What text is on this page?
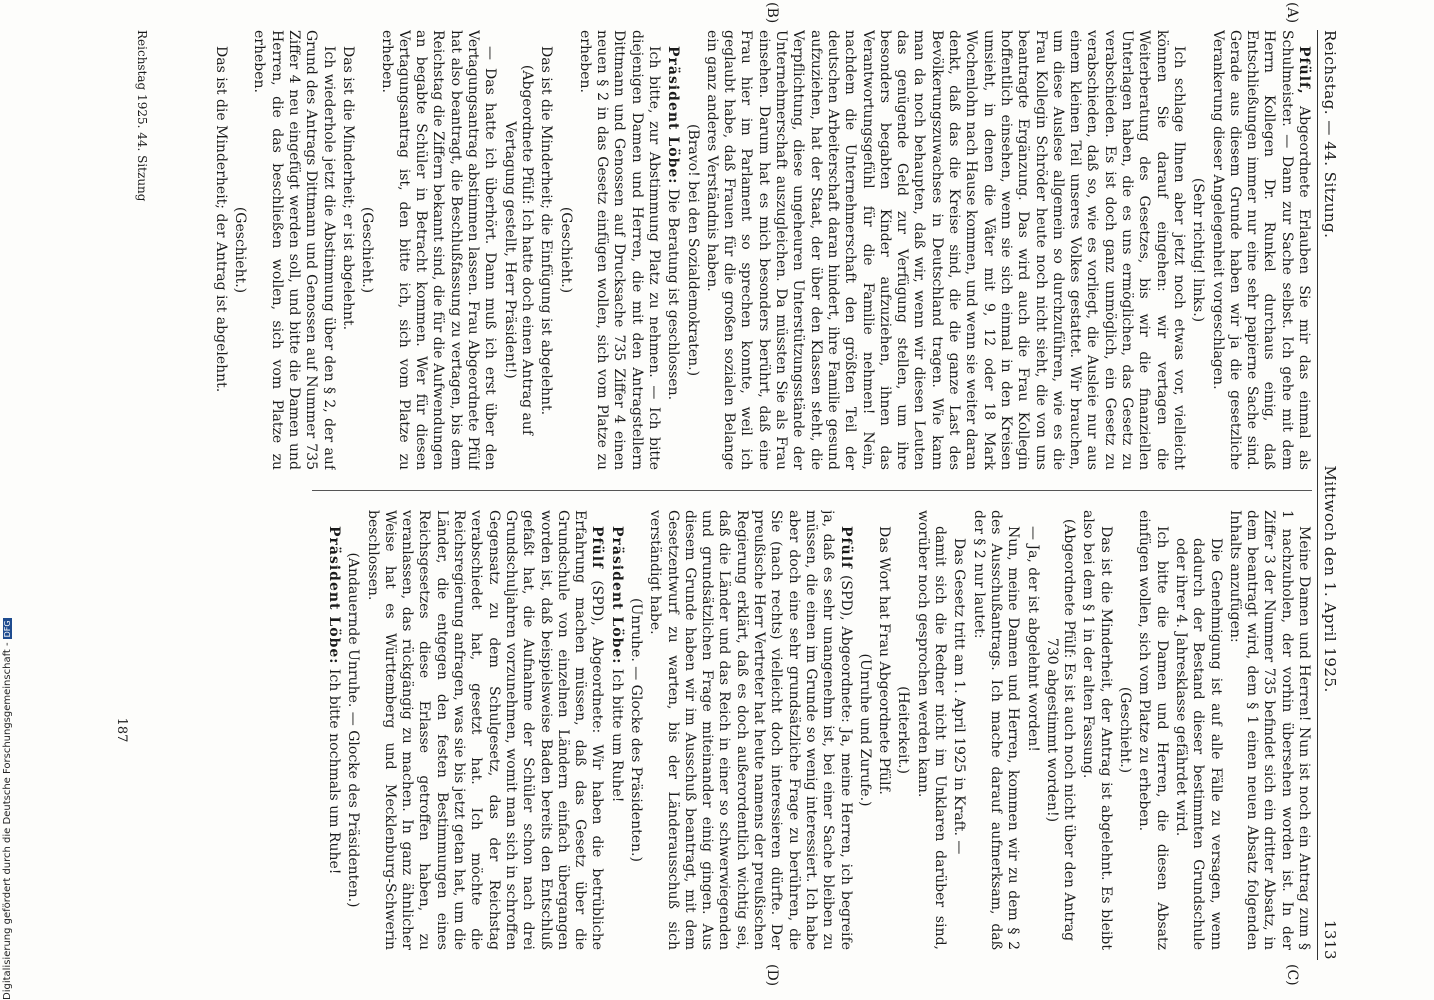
Reichstag. — 44. Sitzung.
Mittwoch den 1. April 1925.
1313
(A)
(B)
(C)
(D)

Pfülf, Abgeordnete Erlauben Sie mir das einmal als Schulmeister. — Dann zur Sache selbst. Ich gehe mit dem Herrn Kollegen Dr. Runkel durchaus einig, daß Entschließungen immer nur eine sehr papierne Sache sind. Gerade aus diesem Grunde haben wir ja die gesetzliche Verankerung dieser Angelegenheit vorgeschlagen.

(Sehr richtig! links.)

Ich schlage Ihnen aber jetzt noch etwas vor, vielleicht können Sie darauf eingehen: wir vertagen die Weiterberatung des Gesetzes, bis wir die finanziellen Unterlagen haben, die es uns ermöglichen, das Gesetz zu verabschieden. Es ist doch ganz unmöglich, ein Gesetz zu verabschieden, daß so, wie es vorliegt, die Ausleie nur aus einem kleinen Teil unseres Volkes gestattet. Wir brauchen, um diese Auslese allgemein so durchzuführen, wie es die Frau Kollegin Schröder heute noch nicht sieht, die von uns beantragte Ergänzung. Das wird auch die Frau Kollegin hoffentlich einsehen, wenn sie sich einmal in den Kreisen umsieht, in denen die Väter mit 9, 12 oder 18 Mark Wochenlohn nach Hause kommen, und wenn sie weiter daran denkt, daß das die Kreise sind, die die ganze Last des Bevölkerungszuwachses in Deutschland tragen. Wie kann man da noch behaupten, daß wir, wenn wir diesen Leuten das genügende Geld zur Verfügung stellen, um ihre besonders begabten Kinder aufzuziehen, ihnen das Verantwortungsgefühl für die Familie nehmen! Nein, nachdem die Unternehmerschaft den größten Teil der deutschen Arbeiterschaft daran hindert, ihre Familie gesund aufzuziehen, hat der Staat, der über den Klassen steht, die Verpflichtung, diese ungeheuren Unterstützungsstände der Unternehmerschaft auszugleichen. Da müssten Sie als Frau einsehen. Darum hat es mich besonders berührt, daß eine Frau hier im Parlament so sprechen konnte, weil ich geglaubt habe, daß Frauen für die großen sozialen Belange ein ganz anderes Verständnis haben.

(Bravo! bei den Sozialdemokraten.)

Präsident Löbe: Die Beratung ist geschlossen.

Ich bitte, zur Abstimmung Platz zu nehmen. — Ich bitte diejenigen Damen und Herren, die mit den Antragstellern Dittmann und Genossen auf Drucksache 735 Ziffer 4 einen neuen § 2 in das Gesetz einfügen wollen, sich vom Platze zu erheben.

(Geschieht.)

Das ist die Minderheit; die Einfügung ist abgelehnt.

(Abgeordnete Pfülf: Ich hatte doch einen Antrag auf Vertagung gestellt, Herr Präsident!)

— Das hatte ich überhört. Dann muß ich erst über den Vertagungsantrag abstimmen lassen. Frau Abgeordnete Pfülf hat also beantragt, die Beschlußfassung zu vertagen, bis dem Reichstag die Ziffern bekannt sind, die für die Aufwendungen an begabte Schüler in Betracht kommen. Wer für diesen Vertagungsantrag ist, den bitte ich, sich vom Platze zu erheben.

(Geschieht.)

Das ist die Minderheit; er ist abgelehnt.

Ich wiederhole jetzt die Abstimmung über den § 2, der auf Grund des Antrags Dittmann und Genossen auf Nummer 735 Ziffer 4 neu eingefügt werden soll, und bitte die Damen und Herren, die das beschließen wollen, sich vom Platze zu erheben.

(Geschieht.)

Das ist die Minderheit; der Antrag ist abgelehnt.

Meine Damen und Herren! Nun ist noch ein Antrag zum § 1 nachzuholen, der vorhin übersehen worden ist. In der Ziffer 3 der Nummer 735 befindet sich ein dritter Absatz, in dem beantragt wird, dem § 1 einen neuen Absatz folgenden Inhalts anzufügen:

Die Genehmigung ist auf alle Fälle zu versagen, wenn dadurch der Bestand dieser bestimmten Grundschule oder ihrer 4. Jahresklasse gefährdet wird.

Ich bitte die Damen und Herren, die diesen Absatz einfügen wollen, sich vom Platze zu erheben.

(Geschieht.)

Das ist die Minderheit, der Antrag ist abgelehnt. Es bleibt also bei dem § 1 in der alten Fassung.

(Abgeordnete Pfülf: Es ist auch noch nicht über den Antrag 730 abgestimmt worden!)

— Ja, der ist abgelehnt worden!

Nun, meine Damen und Herren, kommen wir zu dem § 2 des Ausschußantrags. Ich mache darauf aufmerksam, daß der § 2 nur lautet:

Das Gesetz tritt am 1. April 1925 in Kraft. —

damit sich die Redner nicht im Unklaren darüber sind, worüber noch gesprochen werden kann.

(Heiterkeit.)

Das Wort hat Frau Abgeordnete Pfülf.

(Unruhe und Zurufe.)

Pfülf (SPD), Abgeordnete: Ja, meine Herren, ich begreife ja, daß es sehr unangenehm ist, bei einer Sache bleiben zu müssen, die einen im Grunde so wenig interessiert. Ich habe aber doch eine sehr grundsätzliche Frage zu berühren, die Sie (nach rechts) vielleicht doch interessieren dürfte. Der preußische Herr Vertreter hat heute namens der preußischen Regierung erklärt, daß es doch außerordentlich wichtig sei, daß die Länder und das Reich in einer so schwerwiegenden und grundsätzlichen Frage miteinander einig gingen. Aus diesem Grunde haben wir im Ausschuß beantragt, mit dem Gesetzentwurf zu warten, bis der Länderausschuß sich verständigt habe.

(Unruhe. — Glocke des Präsidenten.)

Präsident Löbe: Ich bitte um Ruhe!

Pfülf (SPD), Abgeordnete: Wir haben die betrübliche Erfahrung machen müssen, daß das Gesetz über die Grundschule von einzelnen Ländern einfach übergangen worden ist, daß beispielsweise Baden bereits den Entschluß gefaßt hat, die Aufnahme der Schüler schon nach drei Grundschuljahren vorzunehmen, womit man sich in schroffen Gegensatz zu dem Schulgesetz, das der Reichstag verabschiedet hat, gesetzt hat. Ich möchte die Reichsregierung anfragen, was sie bis jetzt getan hat, um die Länder, die entgegen den festen Bestimmungen eines Reichsgesetzes diese Erlasse getroffen haben, zu veranlassen, das rückgängig zu machen. In ganz ähnlicher Weise hat es Württemberg und Mecklenburg-Schwerin beschlossen.

(Andauernde Unruhe. — Glocke des Präsidenten.)

Präsident Löbe: Ich bitte nochmals um Ruhe!

Reichstag 1925. 44. Sitzung
187
Digitalisierung gefördert durch die Deutsche Forschungsgemeinschaft -DFG
